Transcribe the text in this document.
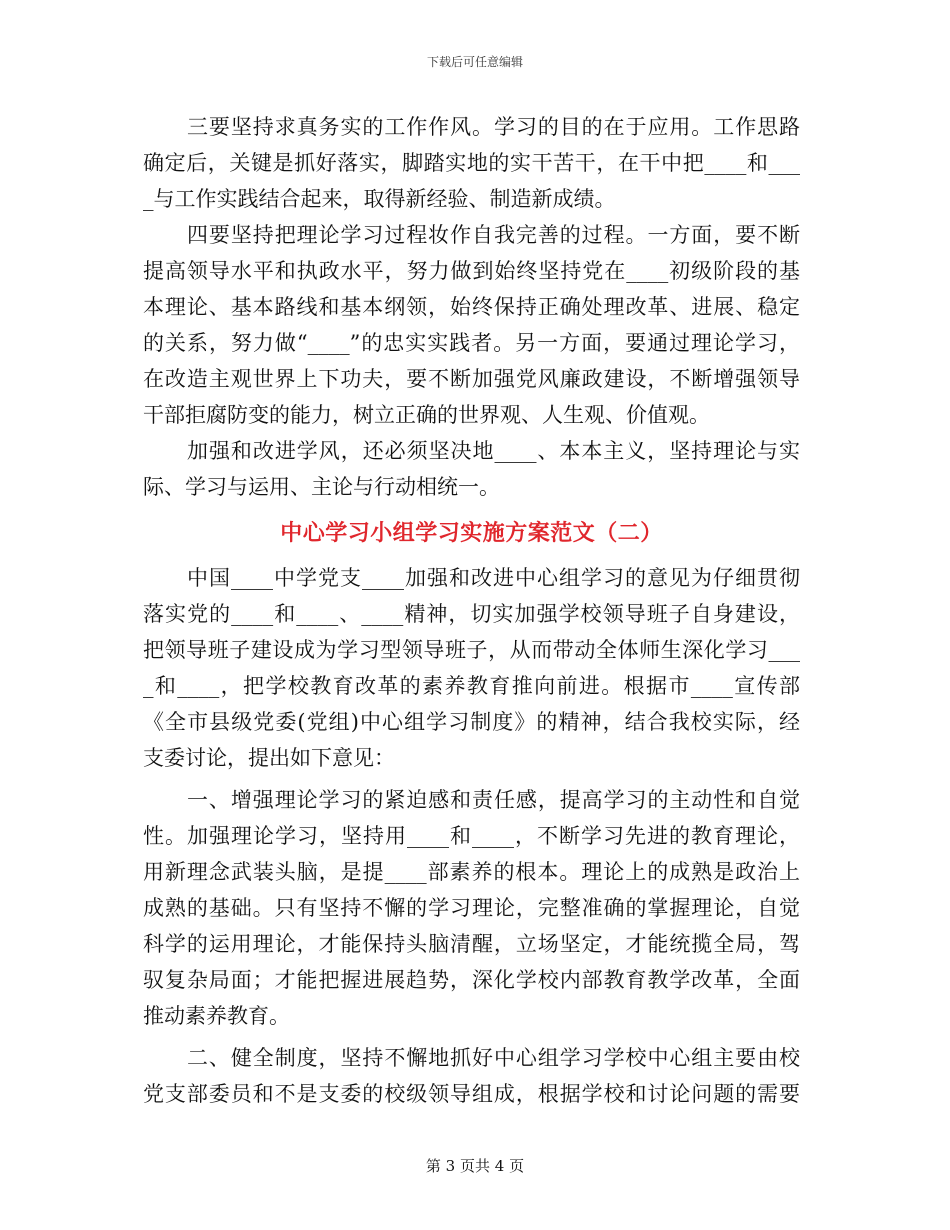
下载后可任意编辑
三要坚持求真务实的工作作风。学习的目的在于应用。工作思路
确定后，关键是抓好落实，脚踏实地的实干苦干，在干中把____和___
_与工作实践结合起来，取得新经验、制造新成绩。
四要坚持把理论学习过程妆作自我完善的过程。一方面，要不断
提高领导水平和执政水平，努力做到始终坚持党在____初级阶段的基
本理论、基本路线和基本纲领，始终保持正确处理改革、进展、稳定
的关系，努力做“____”的忠实实践者。另一方面，要通过理论学习，
在改造主观世界上下功夫，要不断加强党风廉政建设，不断增强领导
干部拒腐防变的能力，树立正确的世界观、人生观、价值观。
加强和改进学风，还必须坚决地____、本本主义，坚持理论与实
际、学习与运用、主论与行动相统一。
中心学习小组学习实施方案范文（二）
中国____中学党支____加强和改进中心组学习的意见为仔细贯彻
落实党的____和____、____精神，切实加强学校领导班子自身建设，
把领导班子建设成为学习型领导班子，从而带动全体师生深化学习___
_和____，把学校教育改革的素养教育推向前进。根据市____宣传部
《全市县级党委(党组)中心组学习制度》的精神，结合我校实际，经
支委讨论，提出如下意见：
一、增强理论学习的紧迫感和责任感，提高学习的主动性和自觉
性。加强理论学习，坚持用____和____，不断学习先进的教育理论，
用新理念武装头脑，是提____部素养的根本。理论上的成熟是政治上
成熟的基础。只有坚持不懈的学习理论，完整准确的掌握理论，自觉
科学的运用理论，才能保持头脑清醒，立场坚定，才能统揽全局，驾
驭复杂局面；才能把握进展趋势，深化学校内部教育教学改革，全面
推动素养教育。
二、健全制度，坚持不懈地抓好中心组学习学校中心组主要由校
党支部委员和不是支委的校级领导组成，根据学校和讨论问题的需要
第 3 页共 4 页
